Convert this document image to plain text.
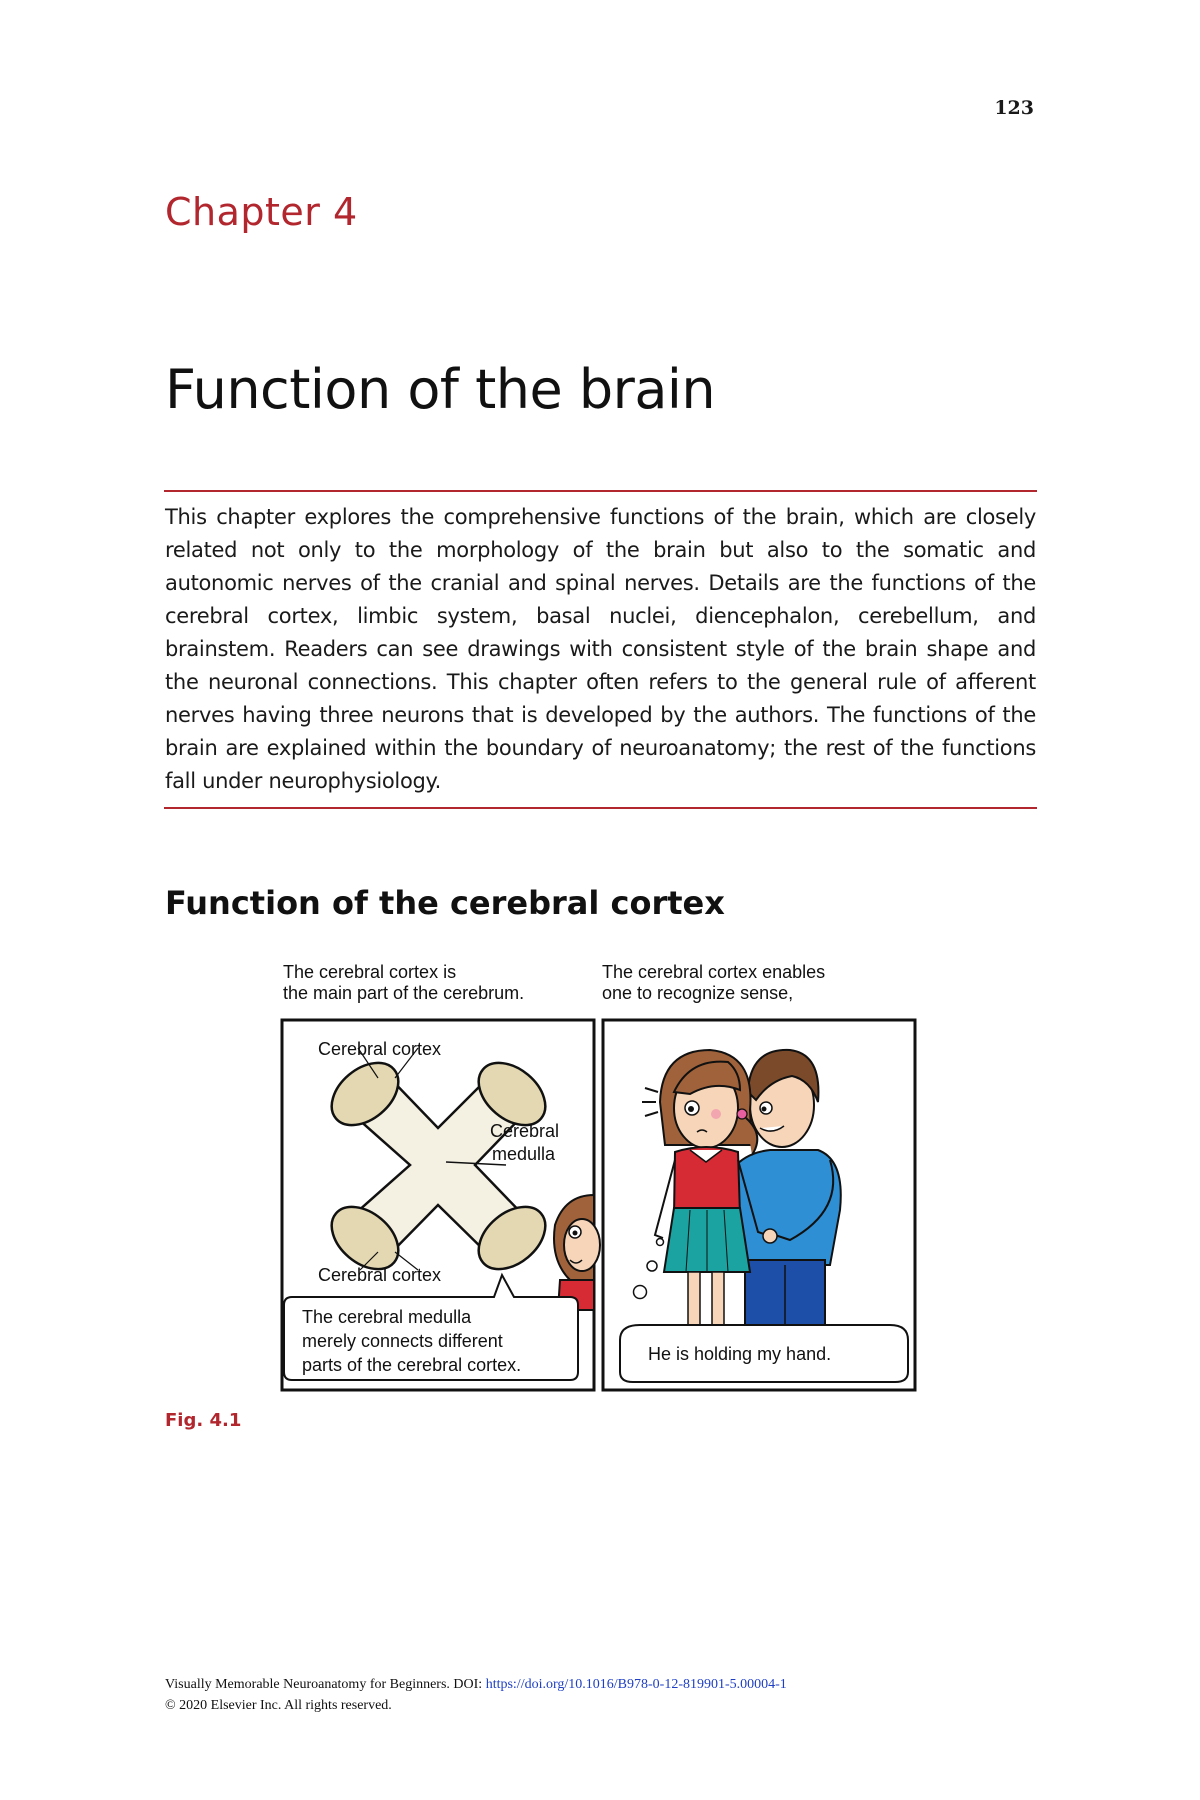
123
Chapter 4
Function of the brain

This chapter explores the comprehensive functions of the brain, which are closely related not only to the morphology of the brain but also to the somatic and autonomic nerves of the cranial and spinal nerves. Details are the functions of the cerebral cortex, limbic system, basal nuclei, diencephalon, cerebellum, and brainstem. Readers can see drawings with consistent style of the brain shape and the neuronal connections. This chapter often refers to the general rule of afferent nerves having three neurons that is developed by the authors. The functions of the brain are explained within the boundary of neuroanatomy; the rest of the functions fall under neurophysiology.

Function of the cerebral cortex
The cerebral cortex is
the main part of the cerebrum.
The cerebral cortex enables
one to recognize sense,
Cerebral cortex
Cerebral
medulla
Cerebral cortex
The cerebral medulla
merely connects different
parts of the cerebral cortex.
He is holding my hand.
Fig. 4.1
Visually Memorable Neuroanatomy for Beginners. DOI: https://doi.org/10.1016/B978-0-12-819901-5.00004-1
© 2020 Elsevier Inc. All rights reserved.
